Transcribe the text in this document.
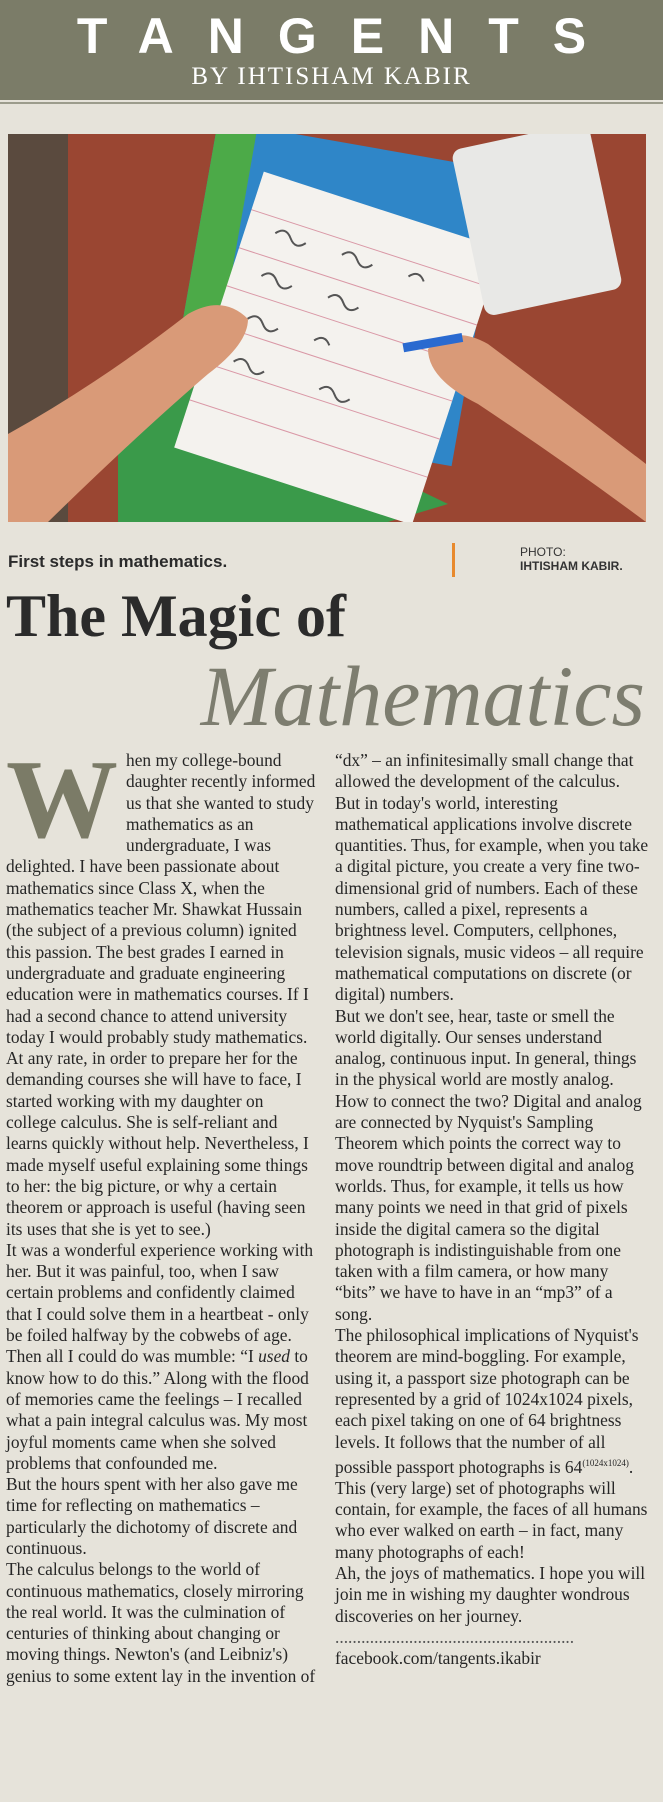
TANGENTS
BY IHTISHAM KABIR
First steps in mathematics.	PHOTO:
IHTISHAM KABIR.
The Magic of
Mathematics

When my college-bound daughter recently informed us that she wanted to study mathematics as an undergraduate, I was delighted. I have been passionate about mathematics since Class X, when the mathematics teacher Mr. Shawkat Hussain (the subject of a previous column) ignited this passion. The best grades I earned in undergraduate and graduate engineering education were in mathematics courses. If I had a second chance to attend university today I would probably study mathematics.

At any rate, in order to prepare her for the demanding courses she will have to face, I started working with my daughter on college calculus. She is self-reliant and learns quickly without help. Nevertheless, I made myself useful explaining some things to her: the big picture, or why a certain theorem or approach is useful (having seen its uses that she is yet to see.)

It was a wonderful experience working with her. But it was painful, too, when I saw certain problems and confidently claimed that I could solve them in a heartbeat - only be foiled halfway by the cobwebs of age. Then all I could do was mumble: “I used to know how to do this.” Along with the flood of memories came the feelings – I recalled what a pain integral calculus was. My most joyful moments came when she solved problems that confounded me.

But the hours spent with her also gave me time for reflecting on mathematics – particularly the dichotomy of discrete and continuous.

The calculus belongs to the world of continuous mathematics, closely mirroring the real world. It was the culmination of centuries of thinking about changing or moving things. Newton's (and Leibniz's) genius to some extent lay in the invention of

“dx” – an infinitesimally small change that allowed the development of the calculus.

But in today's world, interesting mathematical applications involve discrete quantities. Thus, for example, when you take a digital picture, you create a very fine two-dimensional grid of numbers. Each of these numbers, called a pixel, represents a brightness level. Computers, cellphones, television signals, music videos – all require mathematical computations on discrete (or digital) numbers.

But we don't see, hear, taste or smell the world digitally. Our senses understand analog, continuous input. In general, things in the physical world are mostly analog.

How to connect the two? Digital and analog are connected by Nyquist's Sampling Theorem which points the correct way to move roundtrip between digital and analog worlds. Thus, for example, it tells us how many points we need in that grid of pixels inside the digital camera so the digital photograph is indistinguishable from one taken with a film camera, or how many “bits” we have to have in an “mp3” of a song.

The philosophical implications of Nyquist's theorem are mind-boggling. For example, using it, a passport size photograph can be represented by a grid of 1024x1024 pixels, each pixel taking on one of 64 brightness levels. It follows that the number of all possible passport photographs is $64^{(1024x1024)}$. This (very large) set of photographs will contain, for example, the faces of all humans who ever walked on earth – in fact, many many photographs of each!

Ah, the joys of mathematics. I hope you will join me in wishing my daughter wondrous discoveries on her journey.

.......................................................

facebook.com/tangents.ikabir
